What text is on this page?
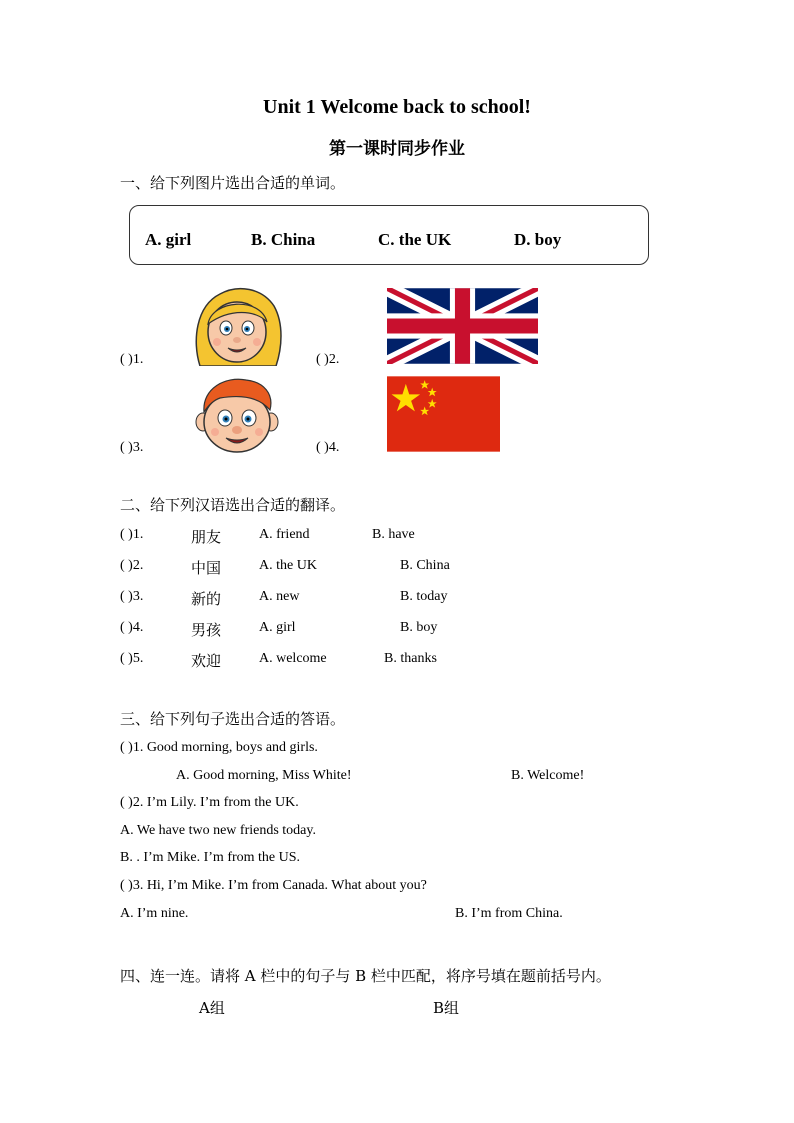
Unit 1 Welcome back to school!
第一课时同步作业
一、给下列图片选出合适的单词。
A. girl	B. China	C. the UK	D. boy
( )1.	( )2.
( )3.	( )4.
二、给下列汉语选出合适的翻译。
( )1.	朋友	A. friend	B. have
( )2.	中国	A. the UK	B. China
( )3.	新的	A. new	B. today
( )4.	男孩	A. girl	B. boy
( )5.	欢迎	A. welcome	B. thanks
三、给下列句子选出合适的答语。
( )1. Good morning, boys and girls.
A. Good morning, Miss White!	B. Welcome!
( )2. I’m Lily. I’m from the UK.
A. We have two new friends today.
B. . I’m Mike. I’m from the US.
( )3. Hi, I’m Mike. I’m from Canada. What about you?
A. I’m nine.	B. I’m from China.
四、连一连。请将 A 栏中的句子与 B 栏中匹配，将序号填在题前括号内。
A组	B组
